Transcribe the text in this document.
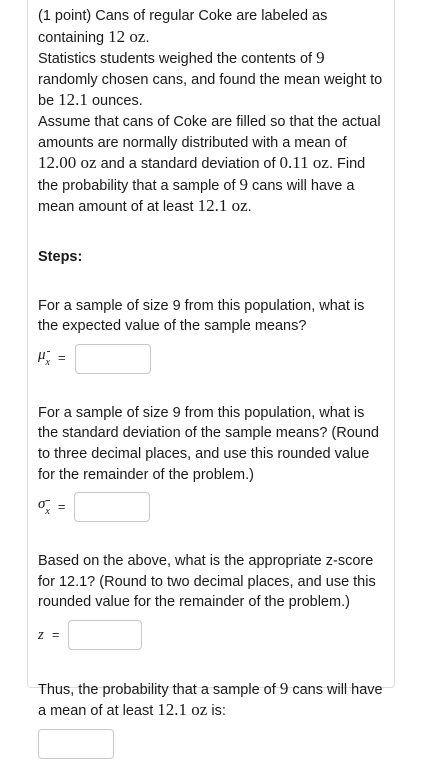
(1 point) Cans of regular Coke are labeled as containing 12 oz.

Statistics students weighed the contents of 9 randomly chosen cans, and found the mean weight to be 12.1 ounces.

Assume that cans of Coke are filled so that the actual amounts are normally distributed with a mean of 12.00 oz and a standard deviation of 0.11 oz. Find the probability that a sample of 9 cans will have a mean amount of at least 12.1 oz.

Steps:

For a sample of size 9 from this population, what is the expected value of the sample means?

$\mu_x$ =

For a sample of size 9 from this population, what is the standard deviation of the sample means? (Round to three decimal places, and use this rounded value for the remainder of the problem.)

$\sigma_x$ =

Based on the above, what is the appropriate z-score for 12.1? (Round to two decimal places, and use this rounded value for the remainder of the problem.)

z =

Thus, the probability that a sample of 9 cans will have a mean of at least 12.1 oz is:
